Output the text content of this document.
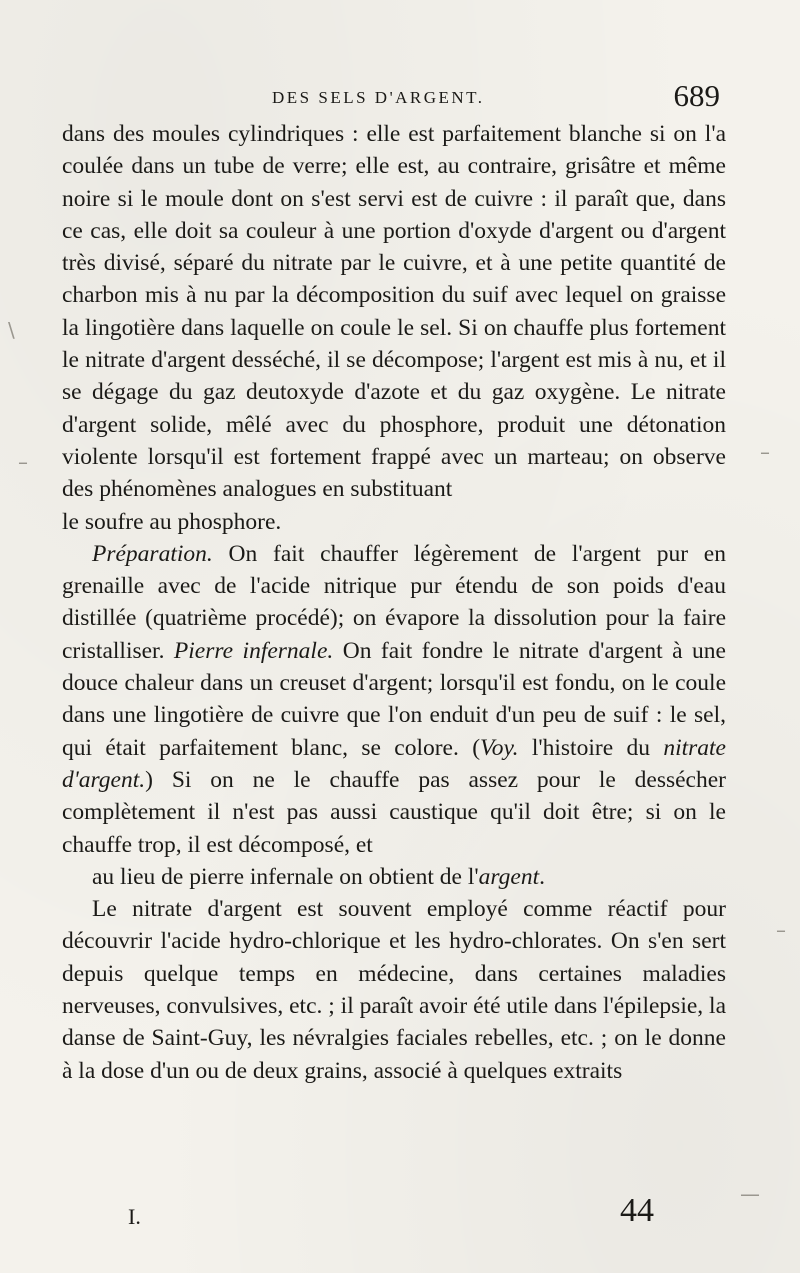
DES SELS D'ARGENT.	689

dans des moules cylindriques : elle est parfaitement blanche si on l'a coulée dans un tube de verre; elle est, au contraire, grisâtre et même noire si le moule dont on s'est servi est de cuivre : il paraît que, dans ce cas, elle doit sa couleur à une portion d'oxyde d'argent ou d'argent très divisé, séparé du nitrate par le cuivre, et à une petite quantité de charbon mis à nu par la décomposition du suif avec lequel on graisse la lingotière dans laquelle on coule le sel. Si on chauffe plus fortement le nitrate d'argent desséché, il se décompose; l'argent est mis à nu, et il se dégage du gaz deutoxyde d'azote et du gaz oxygène. Le nitrate d'argent solide, mêlé avec du phosphore, produit une détonation violente lorsqu'il est fortement frappé avec un marteau; on observe des phénomènes analogues en substituant
le soufre au phosphore.

Préparation. On fait chauffer légèrement de l'argent pur en grenaille avec de l'acide nitrique pur étendu de son poids d'eau distillée (quatrième procédé); on évapore la dissolution pour la faire cristalliser. Pierre infernale. On fait fondre le nitrate d'argent à une douce chaleur dans un creuset d'argent; lorsqu'il est fondu, on le coule dans une lingotière de cuivre que l'on enduit d'un peu de suif : le sel, qui était parfaitement blanc, se colore. (Voy. l'histoire du nitrate d'argent.) Si on ne le chauffe pas assez pour le dessécher complètement il n'est pas aussi caustique qu'il doit être; si on le chauffe trop, il est décomposé, et
au lieu de pierre infernale on obtient de l'argent.

Le nitrate d'argent est souvent employé comme réactif pour découvrir l'acide hydro-chlorique et les hydro-chlorates. On s'en sert depuis quelque temps en médecine, dans certaines maladies nerveuses, convulsives, etc. ; il paraît avoir été utile dans l'épilepsie, la danse de Saint-Guy, les névralgies faciales rebelles, etc. ; on le donne à la dose d'un ou de deux grains, associé à quelques extraits

I.	44
\
–	–
–
—
